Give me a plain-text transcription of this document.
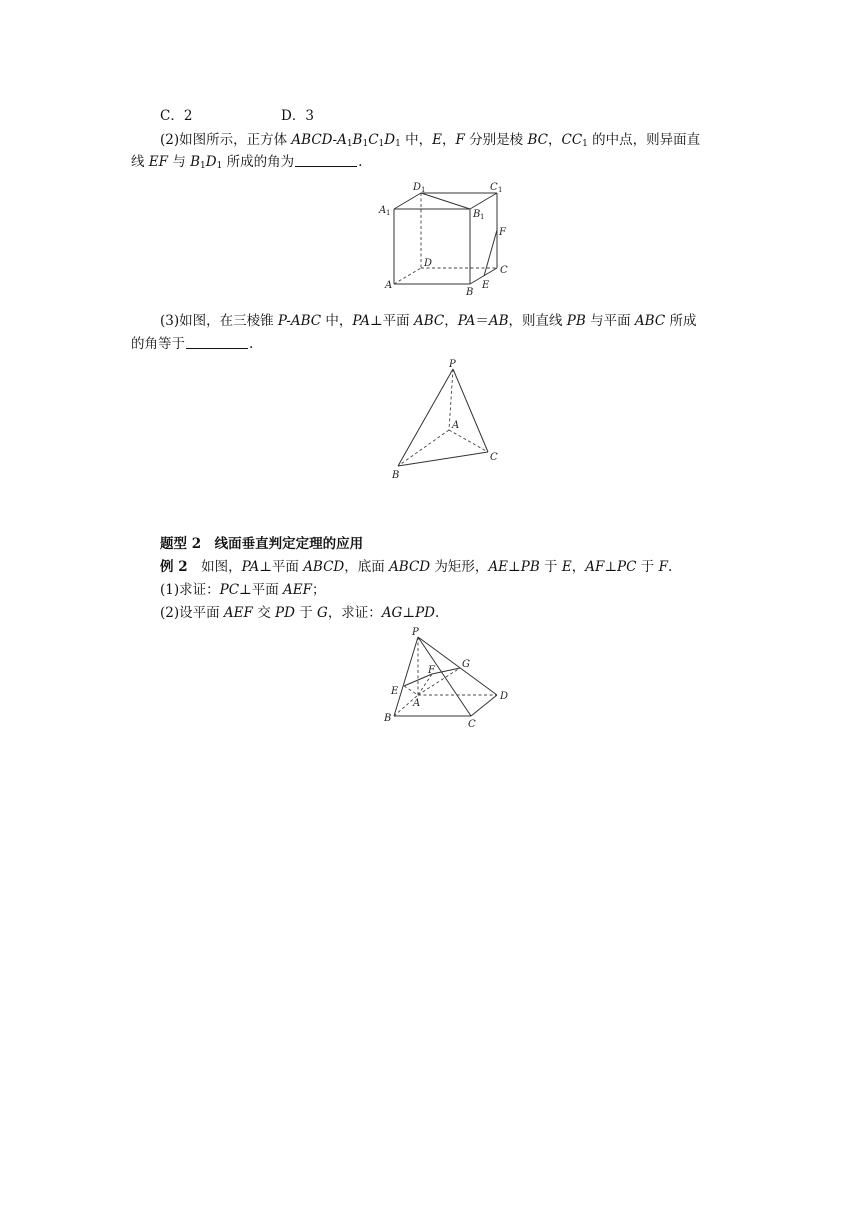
C．2	D．3
(2)如图所示，正方体 ABCD-$A_1B_1C_1D_1$ 中，E，F 分别是棱 BC，$CC_1$ 的中点，则异面直
线 EF 与 $B_1D_1$ 所成的角为	.
D 1	C 1
A 1	B 1
F
A
D
C
B
E
(3)如图，在三棱锥 P-ABC 中，PA⊥平面 ABC，PA＝AB，则直线 PB 与平面 ABC 所成
的角等于	.
P
A
B
C
题型 2　线面垂直判定定理的应用
例 2　如图，PA⊥平面 ABCD，底面 ABCD 为矩形，AE⊥PB 于 E，AF⊥PC 于 F.
(1)求证：PC⊥平面 AEF；
(2)设平面 AEF 交 PD 于 G，求证：AG⊥PD.
P
F
G
E
A
D
B
C
